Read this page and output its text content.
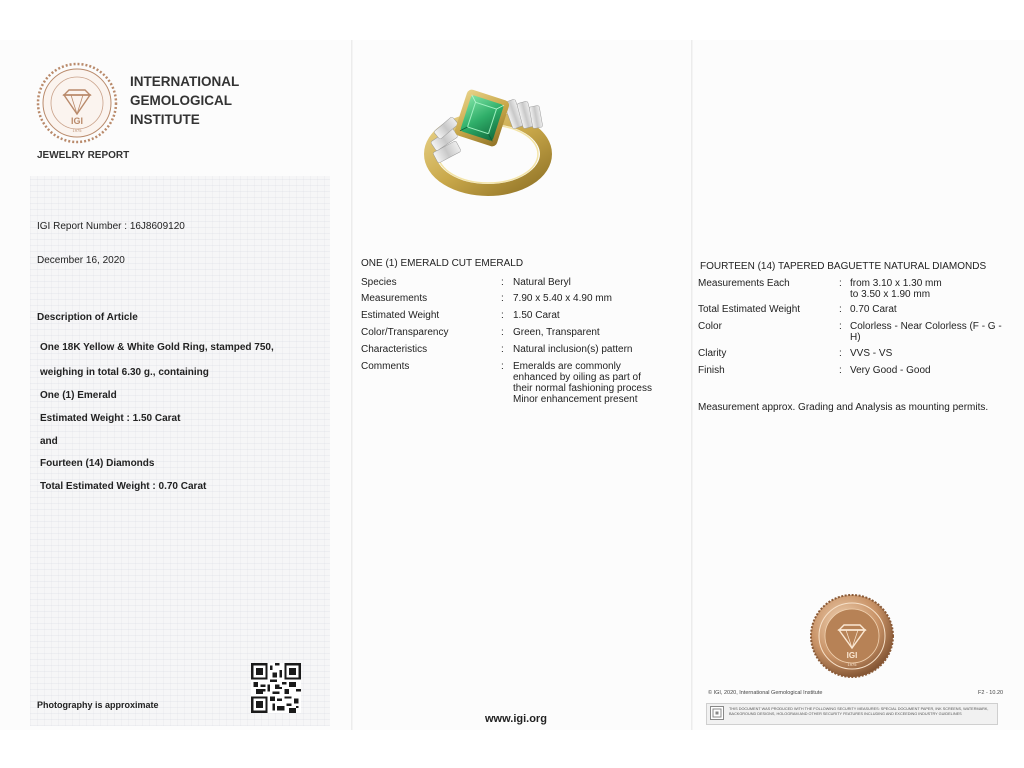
IGI
1975
INTERNATIONAL
GEMOLOGICAL
INSTITUTE
JEWELRY REPORT
IGI Report Number : 16J8609120
December 16, 2020
Description of Article
One 18K Yellow & White Gold Ring, stamped 750,
weighing in total 6.30 g., containing
One (1) Emerald
Estimated Weight : 1.50 Carat
and
Fourteen (14) Diamonds
Total Estimated Weight : 0.70 Carat
Photography is approximate
ONE (1) EMERALD CUT EMERALD
Species	: Natural Beryl
Measurements	: 7.90 x 5.40 x 4.90 mm
Estimated Weight	: 1.50 Carat
Color/Transparency	: Green, Transparent
Characteristics	: Natural inclusion(s) pattern
Comments	: Emeralds are commonly
enhanced by oiling as part of
their normal fashioning process
Minor enhancement present
www.igi.org
FOURTEEN (14) TAPERED BAGUETTE NATURAL DIAMONDS
Measurements Each	: from 3.10 x 1.30 mm
to 3.50 x 1.90 mm
Total Estimated Weight	: 0.70 Carat
Color	: Colorless - Near Colorless (F - G -
H)
Clarity	: VVS - VS
Finish	: Very Good - Good
Measurement approx. Grading and Analysis as mounting permits.
IGI
1975
© IGI, 2020, International Gemological Institute	F2 - 10.20
THIS DOCUMENT WAS PRODUCED WITH THE FOLLOWING SECURITY MEASURES: SPECIAL DOCUMENT PAPER, INK SCREENS, WATERMARK, BACKGROUND DESIGNS, HOLOGRAM AND OTHER SECURITY FEATURES INCLUDING AND EXCEEDING INDUSTRY GUIDELINES
